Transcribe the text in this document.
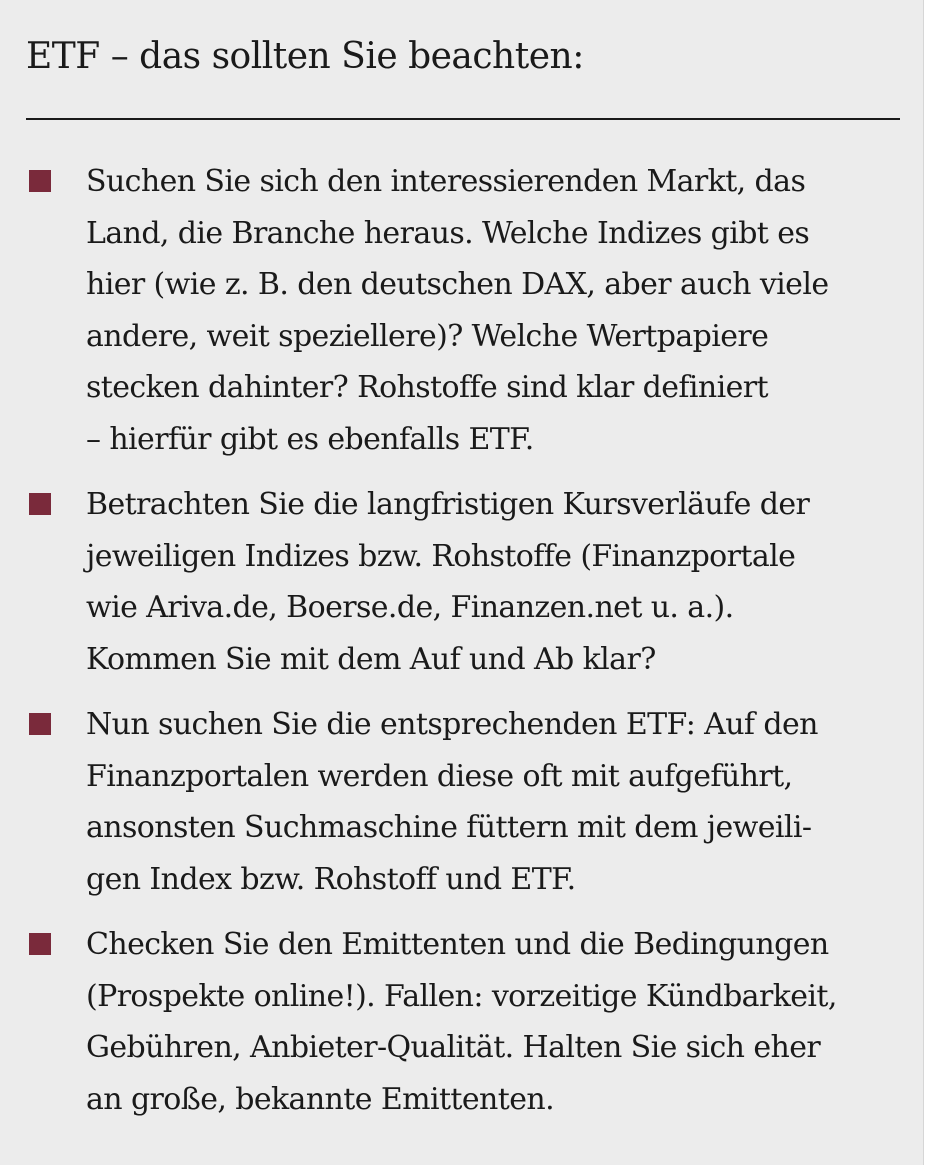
ETF – das sollten Sie beachten:
Suchen Sie sich den interessierenden Markt, das
Land, die Branche heraus. Welche Indizes gibt es
hier (wie z. B. den deutschen DAX, aber auch viele
andere, weit speziellere)? Welche Wertpapiere
stecken dahinter? Rohstoffe sind klar definiert
– hierfür gibt es ebenfalls ETF.
Betrachten Sie die langfristigen Kursverläufe der
jeweiligen Indizes bzw. Rohstoffe (Finanzportale
wie Ariva.de, Boerse.de, Finanzen.net u. a.).
Kommen Sie mit dem Auf und Ab klar?
Nun suchen Sie die entsprechenden ETF: Auf den
Finanzportalen werden diese oft mit aufgeführt,
ansonsten Suchmaschine füttern mit dem jeweili-
gen Index bzw. Rohstoff und ETF.
Checken Sie den Emittenten und die Bedingungen
(Prospekte online!). Fallen: vorzeitige Kündbarkeit,
Gebühren, Anbieter-Qualität. Halten Sie sich eher
an große, bekannte Emittenten.
